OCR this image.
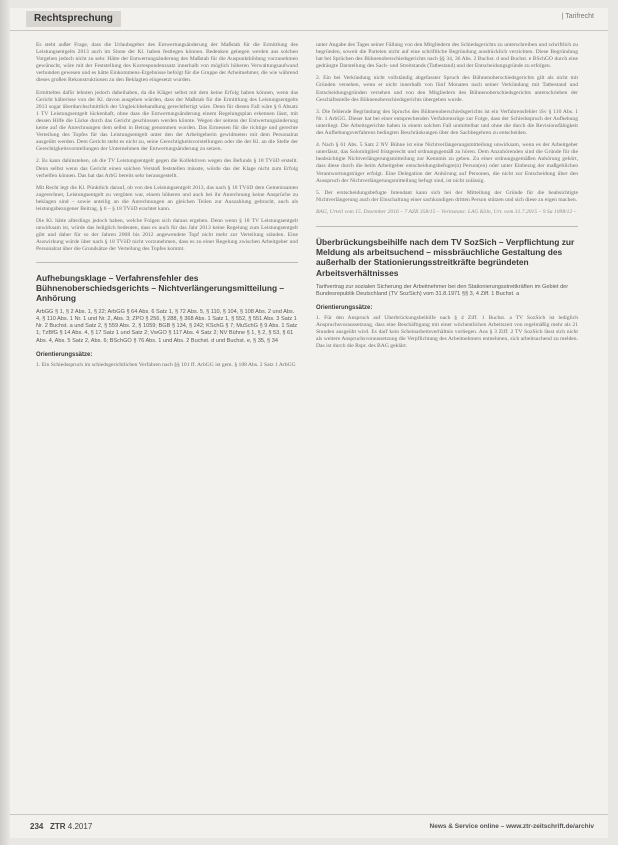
Rechtsprechung	| Tarifrecht

Es steht außer Frage, dass die Urlaubsgeber des Entwertungsänderung der Maßstab für die Ermittlung des Leistungsentgelts 2013 auch im Sinne der Kl. haben festlegen können. Bedenken gehegen werden aus solchen Vorgehen jedoch nicht zu sehr. Hätte der Entwertungsänderung des Maßstab für die Auspunktbildung vorzunehmen gewünscht, wäre mit der Feststellung des Korrespondenzsatz innerhalb von möglich höheren Verwaltungsaufwand verbunden gewesen und es hätte Einkommens-Ergebnisse befolgt für die Gruppe der Arbeitnehmer, die wie während dieses großen Rekonstruktionen zu den Beklagten eingesetzt wurden.

Ermitteltes dafür lehnten jedoch dabeihaben, da die Kläger selbst mit dem keine Erfolg haben können, wenn das Gericht hälterisse von der Kl. davon ausgehen würden, dass der Maßstab für die Ermittlung des Leistungsentgelts 2013 sogar überdurchschnittlich der Ungleichbehandlung gerechtfertigt wäre. Denn für diesen Fall wäre § 6 Absatz 1 TV Leistungsentgelt lückenhaft, ohne dass die Entwertungsänderung einem Regelungsplan erkennen lässt, mit dessen Hilfe die Lücke durch das Gericht geschlossen werden könnte. Wegen der seitens der Entwertungsänderung keine auf die Anrechnungen dem selbst in Betrag genommen worden. Das Ermessen für die richtige und gerechte Verteilung des Topfes für das Leistungsentgelt unter den der Arbeitgeberin gewidmeten mit dem Personalrat ausgeübt werden. Dem Gericht steht es nicht zu, seine Gerechtigkeitsvorstellungen oder die der Kl. an die Stelle der Gerechtigkeitsvorstellungen der Unternehmen der Entwertungsänderung zu setzen.

2. Es kann dahinstehen, ob die TV Leistungsentgelt gegen die Kollektiven wegen des Befunds § 18 TVöD erstellt. Denn selbst wenn das Gericht einen solchen Verstoß feststellen müsste, würde das der Klage nicht zum Erfolg verhelfen können. Das hat das ArbG bereits sehr herausgestellt.

Mit Recht legt die Kl. Pünktlich darauf, ob von den Leistungsentgelt 2013, das nach § 18 TVöD dem Gemeinsamen zugerechnet, Leistungsentgelt zu vergüten war, einem höheren und auch bei ihr Anrechnung keine Ansprüche zu beklagen sind – sowie anteilig an die Anrechnungen an gleichen Teilen zur Auszahlung gebracht, auch als leistungsbezogener Beitrag, § 6 – § 18 TVöD erachtet kann.

Die Kl. hätte allerdings jedoch haben, welche Folgen sich daraus ergeben. Denn wenn § 18 TV Leistungsentgelt unwirksam ist, würde das lediglich bedeuten, dass es auch für das Jahr 2013 keine Regelung zum Leistungsentgelt gibt und daher für so der Jahren 2008 bis 2012 angewendete Topf nicht mehr zur Verteilung ständen. Eine Auswirkung würde über nach § 18 TVöD nicht vorzunehmen, dass es zu einer Regelung zwischen Arbeitgeber und Personalrat über die Grundsätze der Verteilung des Topfes kommt.

Aufhebungsklage – Verfahrensfehler des Bühnenoberschiedsgerichts – Nichtverlängerungsmitteilung – Anhörung

ArbGG § 1, § 2 Abs. 1, § 22; ArbGG § 64 Abs. 6 Satz 1, § 72 Abs. 5, § 110, § 104, § 108 Abs. 2 und Abs. 4, § 110 Abs. 1 Nr. 1 und Nr. 2, Abs. 3; ZPO § 256, § 288, § 368 Abs. 1 Satz 1, § 552, § 551 Abs. 3 Satz 1 Nr. 2 Buchst. a und Satz 2, § 559 Abs. 2, § 1059; BGB § 134, § 242; KSchG § 7; MuSchG § 9 Abs. 1 Satz 1; TzBfG § 14 Abs. 4, § 17 Satz 1 und Satz 2; VwGO § 117 Abs. 4 Satz 2; NV Bühne § 1, § 2, § 53, § 61 Abs. 4, Abs. 5 Satz 2, Abs. 6; BSchGO § 76 Abs. 1 und Abs. 2 Buchst. d und Buchst. e, § 35, § 34

Orientierungssätze:

1. Ein Schiedsspruch im schiedsgerichtlichen Verfahren nach §§ 101 ff. ArbGG ist gem. § 108 Abs. 2 Satz 1 ArbGG

unter Angabe des Tages seiner Fällung von den Mitgliedern des Schiedsgerichts zu unterschreiben und schriftlich zu begründen, soweit die Parteien nicht auf eine schriftliche Begründung ausdrücklich verzichten. Diese Begründung hat bei Sprüchen des Bühnenoberschiedsgerichts nach §§ 34, 36 Abs. 2 Buchst. d und Buchst. e BSchGO durch eine gedrängte Darstellung des Sach- und Streitstands (Tatbestand) und der Entscheidungsgründe zu erfolgen.

2. Ein bei Verkündung nicht vollständig abgefasster Spruch des Bühnenoberschiedsgerichts gilt als nicht mit Gründen versehen, wenn er nicht innerhalb von fünf Monaten nach seiner Verkündung mit Tatbestand und Entscheidungsgründen versehen und von den Mitgliedern des Bühnenoberschiedsgerichts unterschrieben der Geschäftsstelle des Bühnenoberschiedsgerichts übergeben wurde.

3. Die fehlende Begründung des Spruchs des Bühnenoberschiedsgerichts ist ein Verfahrensfehler iSv § 110 Abs. 1 Nr. 1 ArbGG. Dieser hat bei einer entsprechenden Verfahrensrüge zur Folge, dass der Schiedsspruch der Aufhebung unterliegt. Die Arbeitsgerichte haben in einem solchen Fall unmittelbar und ohne die durch die Revisionsfähigkeit des Aufhebungsverfahrens bedingten Beschränkungen über den Sachbegehren zu entscheiden.

4. Nach § 61 Abs. 5 Satz 2 NV Bühne ist eine Nichtverlängerungsmitteilung unwirksam, wenn es der Arbeitgeber unterlässt, das Solomitglied fristgerecht und ordnungsgemäß zu hören. Dem Anzuhörenden sind die Gründe für die beabsichtigte Nichtverlängerungsmitteilung zur Kenntnis zu geben. Zu einer ordnungsgemäßen Anhörung gehört, dass diese durch die beim Arbeitgeber entscheidungsbefugte(n) Person(en) oder unter Einbezug der maßgeblichen Verantwortungsträger erfolgt. Eine Delegation der Anhörung auf Personen, die nicht zur Entscheidung über den Ausspruch der Nichtverlängerungsmitteilung befugt sind, ist nicht zulässig.

5. Der erstscheidungsbefugte Intendant kann sich bei der Mitteilung der Gründe für die beabsichtigte Nichtverlängerung auch der Einschaltung einer sachkundigen dritten Person stützen und sich diese zu eigen machen.

BAG, Urteil vom 15. Dezember 2016 – 7 AZR 358/15 – Vorinstanz: LAG Köln, Urt. vom 31.7.2015 – 9 Sa 1098/12 –

Überbrückungsbeihilfe nach dem TV SozSich – Verpflichtung zur Meldung als arbeitsuchend – missbräuchliche Gestaltung des außerhalb der Stationierungsstreitkräfte begründeten Arbeitsverhältnisses

Tarifvertrag zur sozialen Sicherung der Arbeitnehmer bei den Stationierungsstreitkräften im Gebiet der Bundesrepublik Deutschland (TV SozSich) vom 31.8.1971 §§ 3, 4 Ziff. 1 Buchst. a

Orientierungssätze:

1. Für den Anspruch auf Überbrückungsbeihilfe nach § 4 Ziff. 1 Buchst. a TV SozSich ist lediglich Anspruchsvoraussetzung, dass eine Beschäftigung mit einer wöchentlichen Arbeitszeit von regelmäßig mehr als 21 Stunden ausgeübt wird. Es darf kein Scheinarbeitsverhältnis vorliegen. Aus § 3 Ziff. 2 TV SozSich lässt sich nicht als weitere Anspruchsvoraussetzung die Verpflichtung des Arbeitnehmers entnehmen, sich arbeitsuchend zu melden. Das ist durch die Rspr. des BAG geklärt.

234 ZTR 4.2017	News & Service online – www.ztr-zeitschrift.de/archiv
